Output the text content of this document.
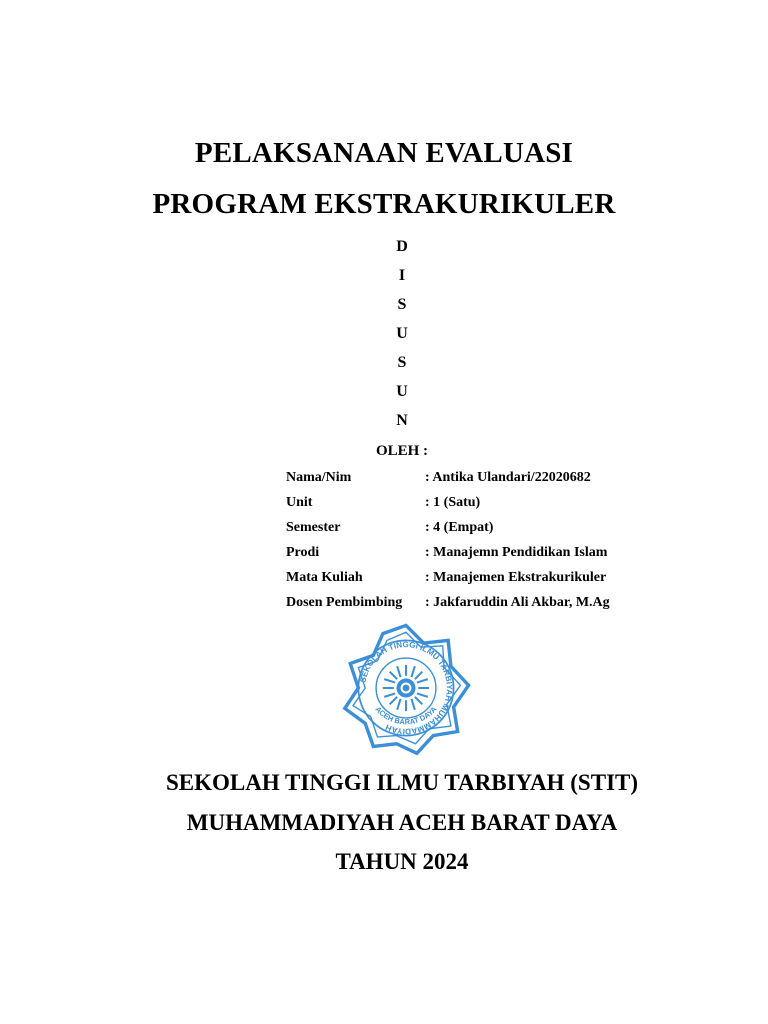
PELAKSANAAN EVALUASI
PROGRAM EKSTRAKURIKULER
D
I
S
U
S
U
N
OLEH :
Nama/Nim	: Antika Ulandari/22020682
Unit	: 1 (Satu)
Semester	: 4 (Empat)
Prodi	: Manajemn Pendidikan Islam
Mata Kuliah	: Manajemen Ekstrakurikuler
Dosen Pembimbing	: Jakfaruddin Ali Akbar, M.Ag
SEKOLAH TINGGI ILMU TARBIYAH MUHAMMADIYAH
ACEH BARAT DAYA
SEKOLAH TINGGI ILMU TARBIYAH (STIT)
MUHAMMADIYAH ACEH BARAT DAYA
TAHUN 2024
